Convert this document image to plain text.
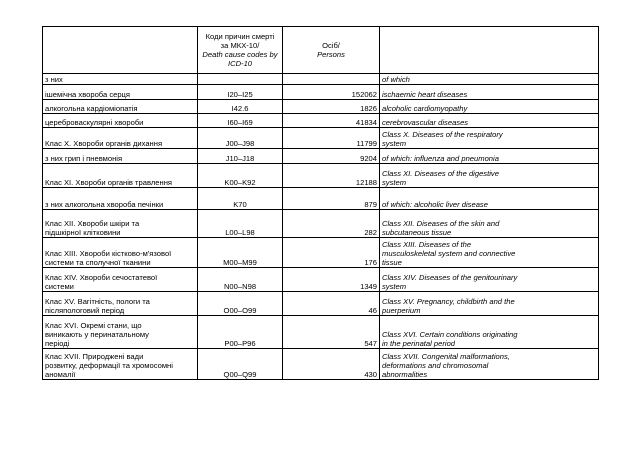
	Коди причин смерті
за МКХ-10/
Death cause codes by
ICD-10	Осіб/
Persons	

з них			of which

ішемічна хвороба серця	I20–I25	152062	ischaemic heart diseases

алкогольна кардіоміопатія	I42.6	1826	alcoholic cardiomyopathy

цереброваскулярні хвороби	I60–I69	41834	cerebrovascular diseases

Клас Х. Хвороби органів дихання	J00–J98	11799	Class X. Diseases of the respiratory
system

з них грип і пневмонія	J10–J18	9204	of which: influenza and pneumonia

Клас ХІ. Хвороби органів травлення	K00–K92	12188	Class XI. Diseases of the digestive
system

з них алкогольна хвороба печінки	K70	879	of which: alcoholic liver disease

Клас ХІІ. Хвороби шкіри та
підшкірної клітковини	L00–L98	282	Class XII. Diseases of the skin and
subcutaneous tissue

Клас ХІІІ. Хвороби кістково-м'язової
системи та сполучної тканини	M00–M99	176	Class XIII. Diseases of the
musculoskeletal system and connective
tissue

Клас XIV. Хвороби сечостатевої
системи	N00–N98	1349	Class XIV. Diseases of the genitourinary
system

Клас XV. Вагітність, пологи та
післяпологовий період	O00–O99	46	Class XV. Pregnancy, childbirth and the
puerperium

Клас XVI. Окремі стани, що
виникають у перинатальному
періоді	P00–P96	547	Class XVI. Certain conditions originating
in the perinatal period

Клас XVII. Природжені вади
розвитку, деформації та хромосомні
аномалії	Q00–Q99	430	Class XVII. Congenital malformations,
deformations and chromosomal
abnormalities
